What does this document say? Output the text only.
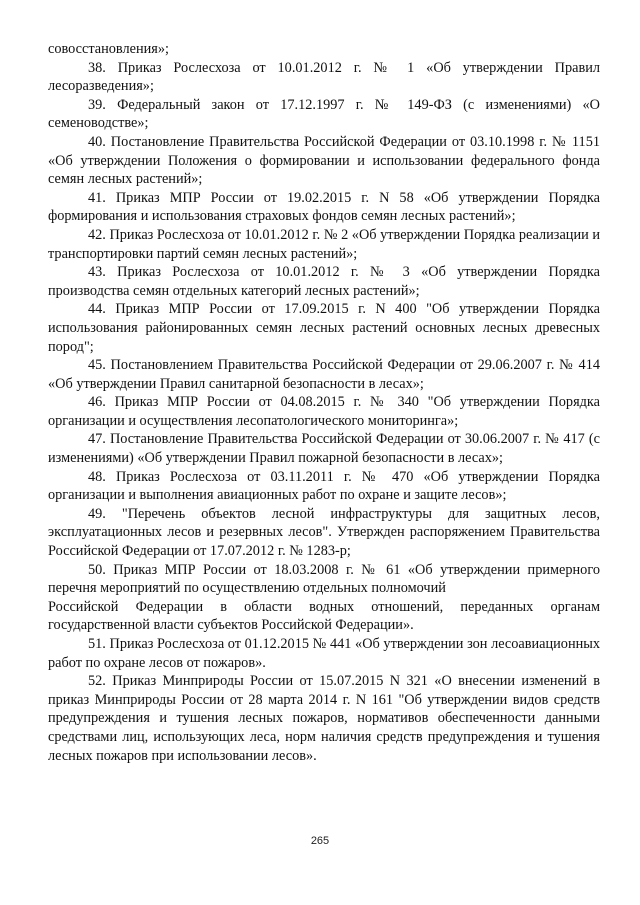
совосстановления»;

38. Приказ Рослесхоза от 10.01.2012 г. № 1 «Об утверждении Правил лесоразведения»;

39. Федеральный закон от 17.12.1997 г. № 149-ФЗ (с изменениями) «О семеноводстве»;

40. Постановление Правительства Российской Федерации от 03.10.1998 г. № 1151 «Об утверждении Положения о формировании и использовании федерального фонда семян лесных растений»;

41. Приказ МПР России от 19.02.2015 г. N 58 «Об утверждении Порядка формирования и использования страховых фондов семян лесных растений»;

42. Приказ Рослесхоза от 10.01.2012 г. № 2 «Об утверждении Порядка реализации и транспортировки партий семян лесных растений»;

43. Приказ Рослесхоза от 10.01.2012 г. № 3 «Об утверждении Порядка производства семян отдельных категорий лесных растений»;

44. Приказ МПР России от 17.09.2015 г. N 400 "Об утверждении Порядка использования районированных семян лесных растений основных лесных древесных пород";

45. Постановлением Правительства Российской Федерации от 29.06.2007 г. № 414 «Об утверждении Правил санитарной безопасности в лесах»;

46. Приказ МПР России от 04.08.2015 г. № 340 "Об утверждении Порядка организации и осуществления лесопатологического мониторинга»;

47. Постановление Правительства Российской Федерации от 30.06.2007 г. № 417 (с изменениями) «Об утверждении Правил пожарной безопасности в лесах»;

48. Приказ Рослесхоза от 03.11.2011 г. № 470 «Об утверждении Порядка организации и выполнения авиационных работ по охране и защите лесов»;

49. "Перечень объектов лесной инфраструктуры для защитных лесов, эксплуатационных лесов и резервных лесов". Утвержден распоряжением Правительства Российской Федерации от 17.07.2012 г. № 1283-р;

50. Приказ МПР России от 18.03.2008 г. № 61 «Об утверждении примерного перечня мероприятий по осуществлению отдельных полномочий

Российской Федерации в области водных отношений, переданных органам государственной власти субъектов Российской Федерации».

51. Приказ Рослесхоза от 01.12.2015 № 441 «Об утверждении зон лесоавиационных работ по охране лесов от пожаров».

52. Приказ Минприроды России от 15.07.2015 N 321 «О внесении изменений в приказ Минприроды России от 28 марта 2014 г. N 161 "Об утверждении видов средств предупреждения и тушения лесных пожаров, нормативов обеспеченности данными средствами лиц, использующих леса, норм наличия средств предупреждения и тушения лесных пожаров при использовании лесов».

265
